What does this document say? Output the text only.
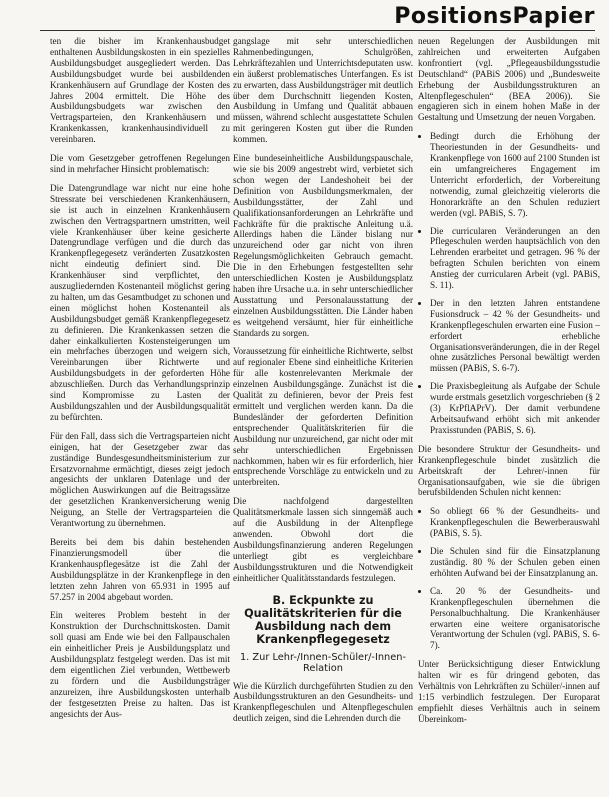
PositionsPapier

ten die bisher im Krankenhausbudget enthaltenen Ausbildungskosten in ein spezielles Ausbildungsbudget ausgegliedert werden. Das Ausbildungsbudget wurde bei ausbildenden Krankenhäusern auf Grundlage der Kosten des Jahres 2004 ermittelt. Die Höhe des Ausbildungsbudgets war zwischen den Vertragsparteien, den Krankenhäusern und Krankenkassen, krankenhausindividuell zu vereinbaren.

Die vom Gesetzgeber getroffenen Regelungen sind in mehrfacher Hinsicht problematisch:

Die Datengrundlage war nicht nur eine hohe Stressrate bei verschiedenen Krankenhäusern, sie ist auch in einzelnen Krankenhäusern zwischen den Vertragspartnern umstritten, weil viele Krankenhäuser über keine gesicherte Datengrundlage verfügen und die durch das Krankenpflegegesetz veränderten Zusatzkosten nicht eindeutig definiert sind. Die Krankenhäuser sind verpflichtet, den auszugliedernden Kostenanteil möglichst gering zu halten, um das Gesamtbudget zu schonen und einen möglichst hohen Kostenanteil als Ausbildungsbudget gemäß Krankenpflegegesetz zu definieren. Die Krankenkassen setzen die daher einkalkulierten Kostensteigerungen um ein mehrfaches überzogen und weigern sich, Vereinbarungen über Richtwerte und Ausbildungsbudgets in der geforderten Höhe abzuschließen. Durch das Verhandlungsprinzip sind Kompromisse zu Lasten der Ausbildungszahlen und der Ausbildungsqualität zu befürchten.

Für den Fall, dass sich die Vertragsparteien nicht einigen, hat der Gesetzgeber zwar das zuständige Bundesgesundheitsministerium zur Ersatzvornahme ermächtigt, dieses zeigt jedoch angesichts der unklaren Datenlage und der möglichen Auswirkungen auf die Beitragssätze der gesetzlichen Krankenversicherung wenig Neigung, an Stelle der Vertragsparteien die Verantwortung zu übernehmen.

Bereits bei dem bis dahin bestehenden Finanzierungsmodell über die Krankenhauspflegesätze ist die Zahl der Ausbildungsplätze in der Krankenpflege in den letzten zehn Jahren von 65.931 in 1995 auf 57.257 in 2004 abgebaut worden.

Ein weiteres Problem besteht in der Konstruktion der Durchschnittskosten. Damit soll quasi am Ende wie bei den Fallpauschalen ein einheitlicher Preis je Ausbildungsplatz und Ausbildungsplatz festgelegt werden. Das ist mit dem eigentlichen Ziel verbunden, Wettbewerb zu fördern und die Ausbildungsträger anzureizen, ihre Ausbildungskosten unterhalb der festgesetzten Preise zu halten. Das ist angesichts der Aus-

gangslage mit sehr unterschiedlichen Rahmenbedingungen, Schulgrößen, Lehrkräftezahlen und Unterrichtsdeputaten usw. ein äußerst problematisches Unterfangen. Es ist zu erwarten, dass Ausbildungsträger mit deutlich über dem Durchschnitt liegenden Kosten, Ausbildung in Umfang und Qualität abbauen müssen, während schlecht ausgestattete Schulen mit geringeren Kosten gut über die Runden kommen.

Eine bundeseinheitliche Ausbildungspauschale, wie sie bis 2009 angestrebt wird, verbietet sich schon wegen der Landeshoheit bei der Definition von Ausbildungsmerkmalen, der Ausbildungsstätter, der Zahl und Qualifikationsanforderungen an Lehrkräfte und Fachkräfte für die praktische Anleitung u.ä. Allerdings haben die Länder bislang nur unzureichend oder gar nicht von ihren Regelungsmöglichkeiten Gebrauch gemacht. Die in den Erhebungen festgestellten sehr unterschiedlichen Kosten je Ausbildungsplatz haben ihre Ursache u.a. in sehr unterschiedlicher Ausstattung und Personalausstattung der einzelnen Ausbildungsstätten. Die Länder haben es weitgehend versäumt, hier für einheitliche Standards zu sorgen.

Voraussetzung für einheitliche Richtwerte, selbst auf regionaler Ebene sind einheitliche Kriterien für alle kostenrelevanten Merkmale der einzelnen Ausbildungsgänge. Zunächst ist die Qualität zu definieren, bevor der Preis fest ermittelt und verglichen werden kann. Da die Bundesländer der geforderten Definition entsprechender Qualitätskriterien für die Ausbildung nur unzureichend, gar nicht oder mit sehr unterschiedlichen Ergebnissen nachkommen, haben wir es für erforderlich, hier entsprechende Vorschläge zu entwickeln und zu unterbreiten.

Die nachfolgend dargestellten Qualitätsmerkmale lassen sich sinngemäß auch auf die Ausbildung in der Altenpflege anwenden. Obwohl dort die Ausbildungsfinanzierung anderen Regelungen unterliegt gibt es vergleichbare Ausbildungsstrukturen und die Notwendigkeit einheitlicher Qualitätsstandards festzulegen.

B. Eckpunkte zu Qualitätskriterien für die Ausbildung nach dem Krankenpflegegesetz
1. Zur Lehr-/Innen-Schüler/-Innen-Relation

Wie die Kürzlich durchgeführten Studien zu den Ausbildungsstrukturen an den Gesundheits- und Krankenpflegeschulen und Altenpflegeschulen deutlich zeigen, sind die Lehrenden durch die

neuen Regelungen der Ausbildungen mit zahlreichen und erweiterten Aufgaben konfrontiert (vgl. „Pflegeausbildungsstudie Deutschland“ (PABiS 2006) und „Bundesweite Erhebung der Ausbildungsstrukturen an Altenpflegeschulen“ (BEA 2006)). Sie engagieren sich in einem hohen Maße in der Gestaltung und Umsetzung der neuen Vorgaben.

• Bedingt durch die Erhöhung der Theoriestunden in der Gesundheits- und Krankenpflege von 1600 auf 2100 Stunden ist ein umfangreicheres Engagement im Unterricht erforderlich, der Vorbereitung notwendig, zumal gleichzeitig vielerorts die Honorarkräfte an den Schulen reduziert werden (vgl. PABiS, S. 7).
• Die curricularen Veränderungen an den Pflegeschulen werden hauptsächlich von den Lehrenden erarbeitet und getragen. 96 % der befragten Schulen berichten von einem Anstieg der curricularen Arbeit (vgl. PABiS, S. 11).
• Der in den letzten Jahren entstandene Fusionsdruck – 42 % der Gesundheits- und Krankenpflegeschulen erwarten eine Fusion – erfordert erhebliche Organisationsveränderungen, die in der Regel ohne zusätzliches Personal bewältigt werden müssen (PABiS, S. 6-7).
• Die Praxisbegleitung als Aufgabe der Schule wurde erstmals gesetzlich vorgeschrieben (§ 2 (3) KrPflAPrV). Der damit verbundene Arbeitsaufwand erhöht sich mit ankender Praxisstunden (PABiS, S. 6).

Die besondere Struktur der Gesundheits- und Krankenpflegeschule bindet zusätzlich die Arbeitskraft der Lehrer/-innen für Organisationsaufgaben, wie sie die übrigen berufsbildenden Schulen nicht kennen:

• So obliegt 66 % der Gesundheits- und Krankenpflegeschulen die Bewerberauswahl (PABiS, S. 5).
• Die Schulen sind für die Einsatzplanung zuständig. 80 % der Schulen geben einen erhöhten Aufwand bei der Einsatzplanung an.
• Ca. 20 % der Gesundheits- und Krankenpflegeschulen übernehmen die Personalbuchhaltung. Die Krankenhäuser erwarten eine weitere organisatorische Verantwortung der Schulen (vgl. PABiS, S. 6-7).

Unter Berücksichtigung dieser Entwicklung halten wir es für dringend geboten, das Verhältnis von Lehrkräften zu Schüler/-innen auf 1:15 verbindlich festzulegen. Der Europarat empfiehlt dieses Verhältnis auch in seinem Übereinkom-
